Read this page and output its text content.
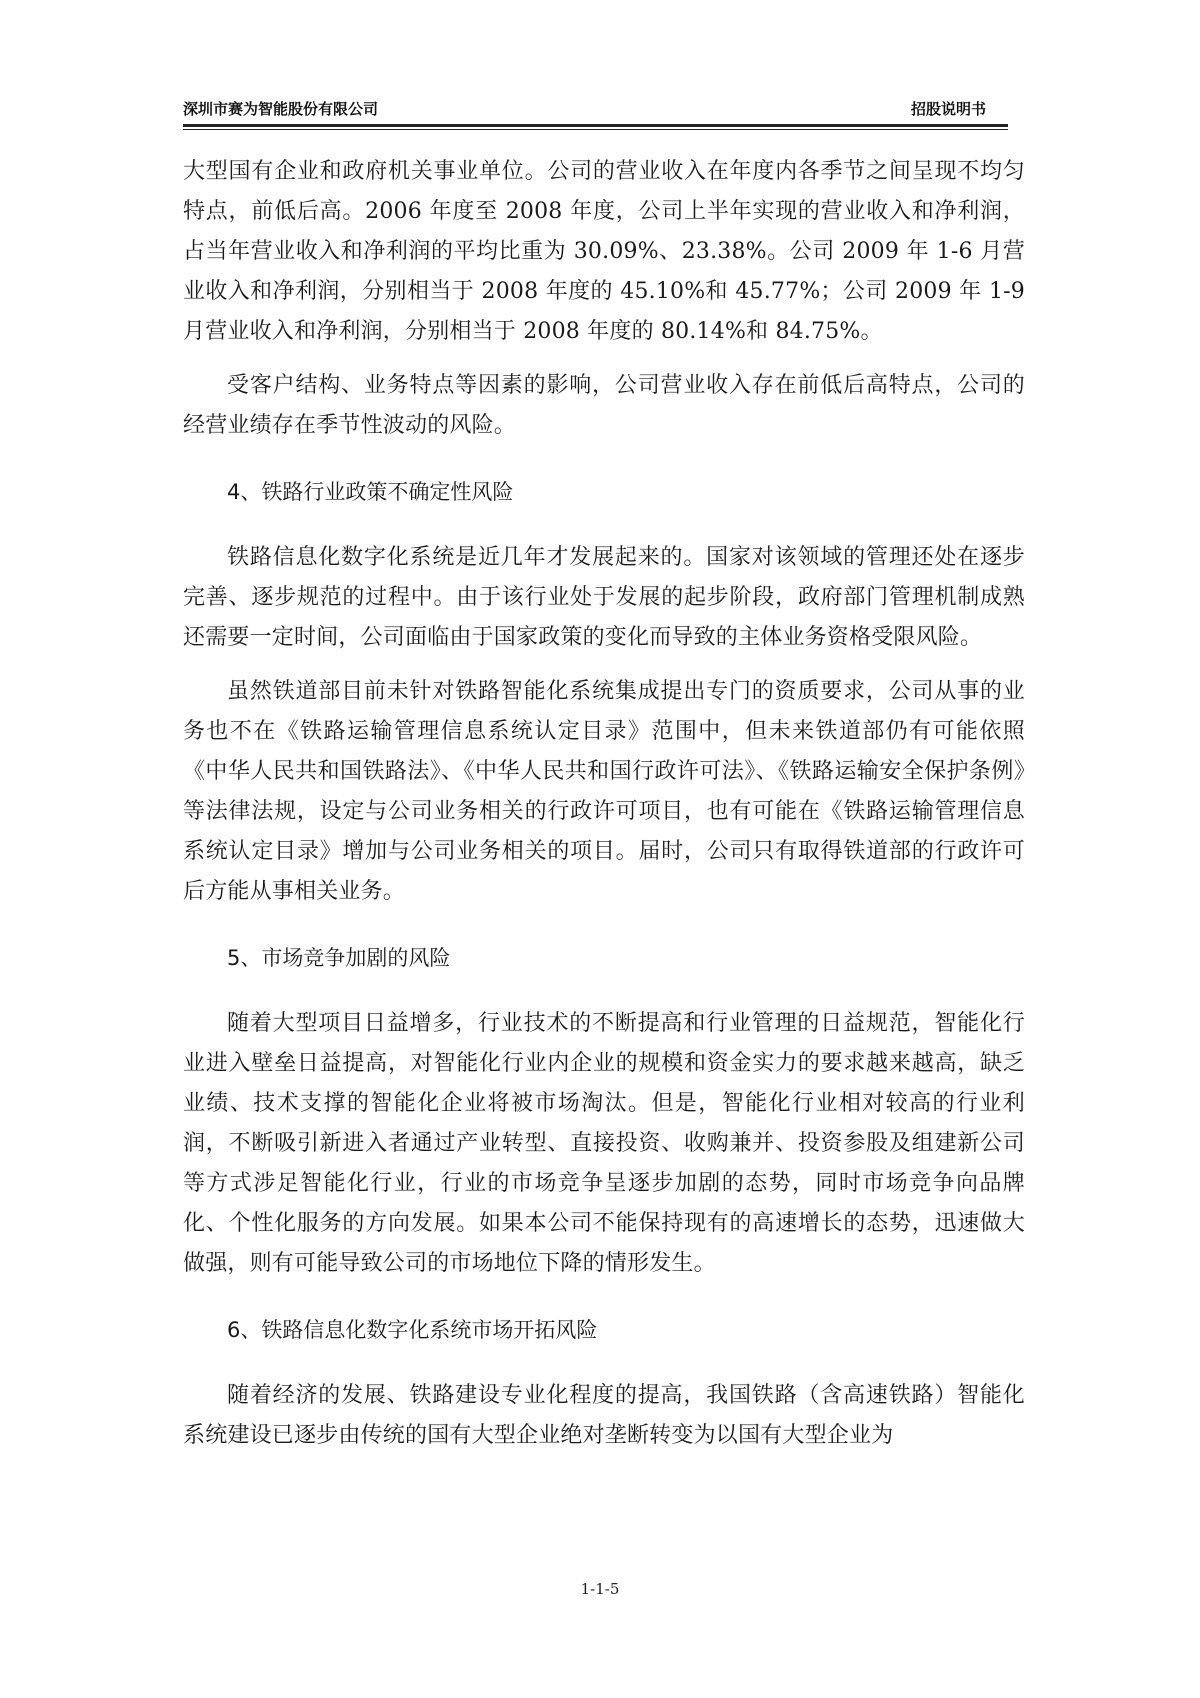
深圳市赛为智能股份有限公司	招股说明书

大型国有企业和政府机关事业单位。公司的营业收入在年度内各季节之间呈现不均匀特点，前低后高。2006 年度至 2008 年度，公司上半年实现的营业收入和净利润，占当年营业收入和净利润的平均比重为 30.09%、23.38%。公司 2009 年 1-6 月营业收入和净利润，分别相当于 2008 年度的 45.10%和 45.77%；公司 2009 年 1-9 月营业收入和净利润，分别相当于 2008 年度的 80.14%和 84.75%。

受客户结构、业务特点等因素的影响，公司营业收入存在前低后高特点，公司的经营业绩存在季节性波动的风险。

4、铁路行业政策不确定性风险

铁路信息化数字化系统是近几年才发展起来的。国家对该领域的管理还处在逐步完善、逐步规范的过程中。由于该行业处于发展的起步阶段，政府部门管理机制成熟还需要一定时间，公司面临由于国家政策的变化而导致的主体业务资格受限风险。

虽然铁道部目前未针对铁路智能化系统集成提出专门的资质要求，公司从事的业务也不在《铁路运输管理信息系统认定目录》范围中，但未来铁道部仍有可能依照《中华人民共和国铁路法》、《中华人民共和国行政许可法》、《铁路运输安全保护条例》等法律法规，设定与公司业务相关的行政许可项目，也有可能在《铁路运输管理信息系统认定目录》增加与公司业务相关的项目。届时，公司只有取得铁道部的行政许可后方能从事相关业务。

5、市场竞争加剧的风险

随着大型项目日益增多，行业技术的不断提高和行业管理的日益规范，智能化行业进入壁垒日益提高，对智能化行业内企业的规模和资金实力的要求越来越高，缺乏业绩、技术支撑的智能化企业将被市场淘汰。但是，智能化行业相对较高的行业利润，不断吸引新进入者通过产业转型、直接投资、收购兼并、投资参股及组建新公司等方式涉足智能化行业，行业的市场竞争呈逐步加剧的态势，同时市场竞争向品牌化、个性化服务的方向发展。如果本公司不能保持现有的高速增长的态势，迅速做大做强，则有可能导致公司的市场地位下降的情形发生。

6、铁路信息化数字化系统市场开拓风险

随着经济的发展、铁路建设专业化程度的提高，我国铁路（含高速铁路）智能化系统建设已逐步由传统的国有大型企业绝对垄断转变为以国有大型企业为

1-1-5
